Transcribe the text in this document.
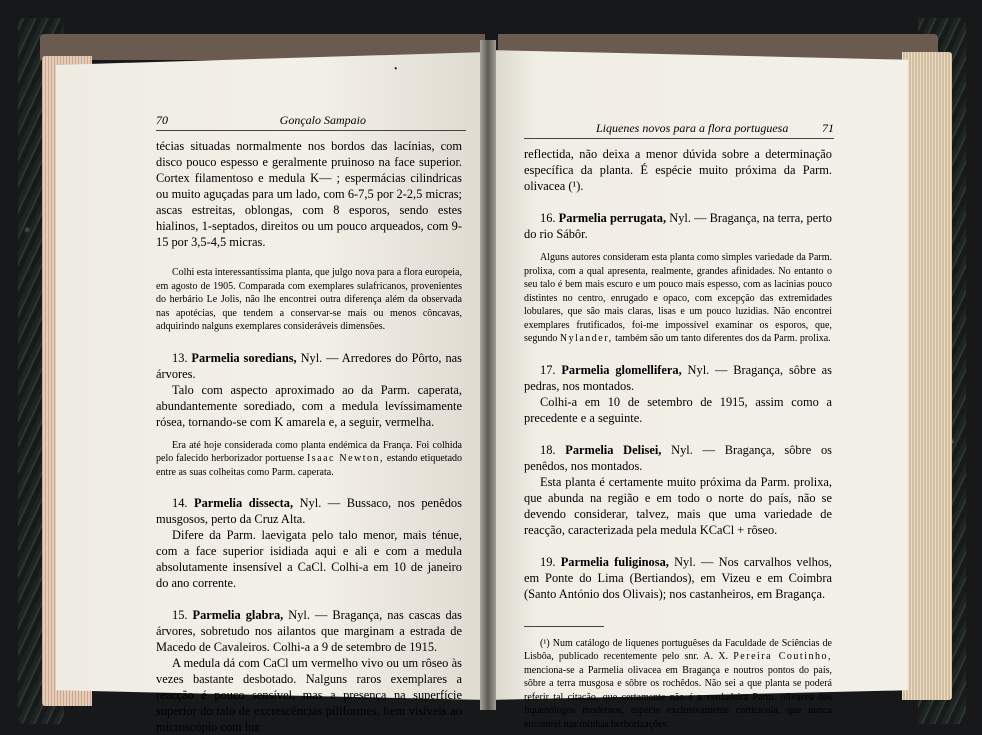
•
70	Gonçalo Sampaio

técias situadas normalmente nos bordos das lacínias, com disco pouco espesso e geralmente pruinoso na face superior. Cortex filamentoso e medula K— ; espermácias cilindricas ou muito aguçadas para um lado, com 6-7,5 por 2-2,5 micras; ascas estreitas, oblongas, com 8 esporos, sendo estes hialinos, 1-septados, direitos ou um pouco arqueados, com 9-15 por 3,5-4,5 micras.

Colhi esta interessantíssima planta, que julgo nova para a flora europeia, em agosto de 1905. Comparada com exemplares sulafricanos, provenientes do herbário Le Jolis, não lhe encontrei outra diferença além da observada nas apotécias, que tendem a conservar-se mais ou menos côncavas, adquirindo nalguns exemplares consideráveis dimensões.

13. Parmelia soredians, Nyl. — Arredores do Pôrto, nas árvores.

Talo com aspecto aproximado ao da Parm. caperata, abundantemente sorediado, com a medula levíssimamente rósea, tornando-se com K amarela e, a seguir, vermelha.

Era até hoje considerada como planta endémica da França. Foi colhida pelo falecido herborizador portuense Isaac Newton, estando etiquetado entre as suas colheitas como Parm. caperata.

14. Parmelia dissecta, Nyl. — Bussaco, nos penêdos musgosos, perto da Cruz Alta.

Difere da Parm. laevigata pelo talo menor, mais ténue, com a face superior isidiada aqui e ali e com a medula absolutamente insensível a CaCl. Colhi-a em 10 de janeiro do ano corrente.

15. Parmelia glabra, Nyl. — Bragança, nas cascas das árvores, sobretudo nos ailantos que marginam a estrada de Macedo de Cavaleiros. Colhi-a a 9 de setembro de 1915.

A medula dá com CaCl um vermelho vivo ou um rôseo às vezes bastante desbotado. Nalguns raros exemplares a reacção é pouco sensível, mas a presença na superfície superior do talo de excrescências piliformes, bem visíveis ao microscópio com luz

Liquenes novos para a flora portuguesa	71

reflectida, não deixa a menor dúvida sobre a determinação específica da planta. É espécie muito próxima da Parm. olivacea (¹).

16. Parmelia perrugata, Nyl. — Bragança, na terra, perto do rio Sábôr.

Alguns autores consideram esta planta como simples variedade da Parm. prolixa, com a qual apresenta, realmente, grandes afinidades. No entanto o seu talo é bem mais escuro e um pouco mais espesso, com as lacínias pouco distintes no centro, enrugado e opaco, com excepção das extremidades lobulares, que são mais claras, lisas e um pouco luzidias. Não encontrei exemplares frutificados, foi-me impossível examinar os esporos, que, segundo Nylander, também são um tanto diferentes dos da Parm. prolixa.

17. Parmelia glomellifera, Nyl. — Bragança, sôbre as pedras, nos montados.

Colhi-a em 10 de setembro de 1915, assim como a precedente e a seguinte.

18. Parmelia Delisei, Nyl. — Bragança, sôbre os penêdos, nos montados.

Esta planta é certamente muito próxima da Parm. prolixa, que abunda na região e em todo o norte do país, não se devendo considerar, talvez, mais que uma variedade de reacção, caracterizada pela medula KCaCl + rôseo.

19. Parmelia fuliginosa, Nyl. — Nos carvalhos velhos, em Ponte do Lima (Bertiandos), em Vizeu e em Coimbra (Santo António dos Olivais); nos castanheiros, em Bragança.

(¹) Num catálogo de liquenes portuguêses da Faculdade de Sciências de Lisbôa, publicado recentemente pelo snr. A. X. Pereira Coutinho, menciona-se a Parmelia olivacea em Bragança e noutros pontos do país, sôbre a terra musgosa e sôbre os rochêdos. Não sei a que planta se poderá referir tal citação, que certamente não é a verdadeira Parm. olivacea dos liquenólogos modernos, espécie exclusivamente corticícola, que nunca encontrei nas minhas herborizações.
